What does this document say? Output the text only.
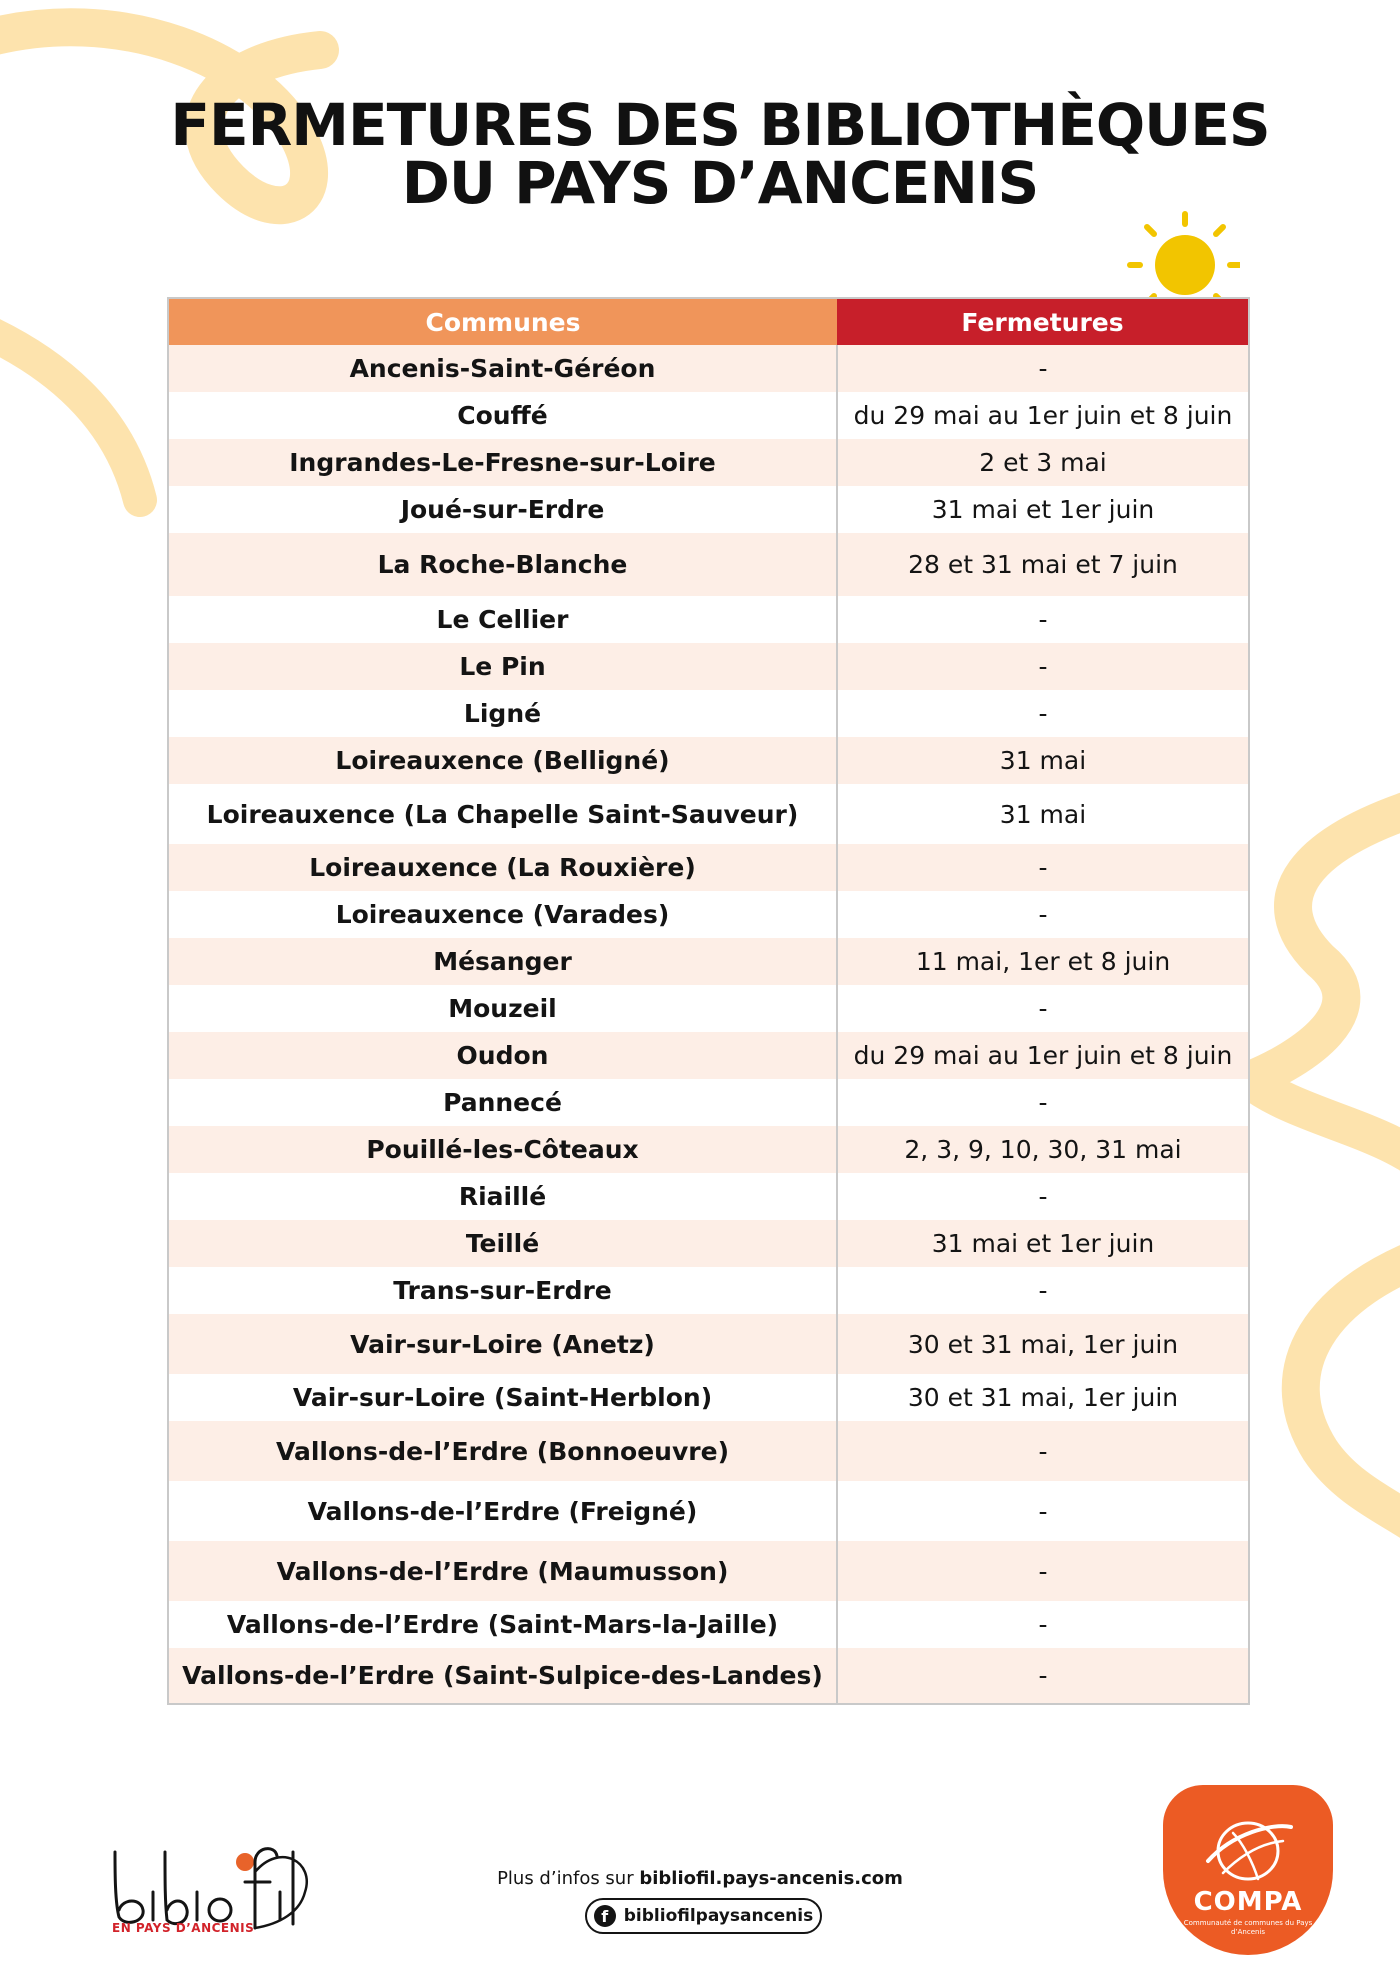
FERMETURES DES BIBLIOTHÈQUES
DU PAYS D’ANCENIS
Communes	Fermetures
Ancenis-Saint-Géréon	-
Couffé	du 29 mai au 1er juin et 8 juin
Ingrandes-Le-Fresne-sur-Loire	2 et 3 mai
Joué-sur-Erdre	31 mai et 1er juin
La Roche-Blanche	28 et 31 mai et 7 juin
Le Cellier	-
Le Pin	-
Ligné	-
Loireauxence (Belligné)	31 mai
Loireauxence (La Chapelle Saint-Sauveur)	31 mai
Loireauxence (La Rouxière)	-
Loireauxence (Varades)	-
Mésanger	11 mai, 1er et 8 juin
Mouzeil	-
Oudon	du 29 mai au 1er juin et 8 juin
Pannecé	-
Pouillé-les-Côteaux	2, 3, 9, 10, 30, 31 mai
Riaillé	-
Teillé	31 mai et 1er juin
Trans-sur-Erdre	-
Vair-sur-Loire (Anetz)	30 et 31 mai, 1er juin
Vair-sur-Loire (Saint-Herblon)	30 et 31 mai, 1er juin
Vallons-de-l’Erdre (Bonnoeuvre)	-
Vallons-de-l’Erdre (Freigné)	-
Vallons-de-l’Erdre (Maumusson)	-
Vallons-de-l’Erdre (Saint-Mars-la-Jaille)	-
Vallons-de-l’Erdre (Saint-Sulpice-des-Landes)	-
bibliofil
EN PAYS D’ANCENIS
Plus d’infos sur bibliofil.pays-ancenis.com
f bibliofilpaysancenis	COMPA
Communauté de communes du Pays d’Ancenis
